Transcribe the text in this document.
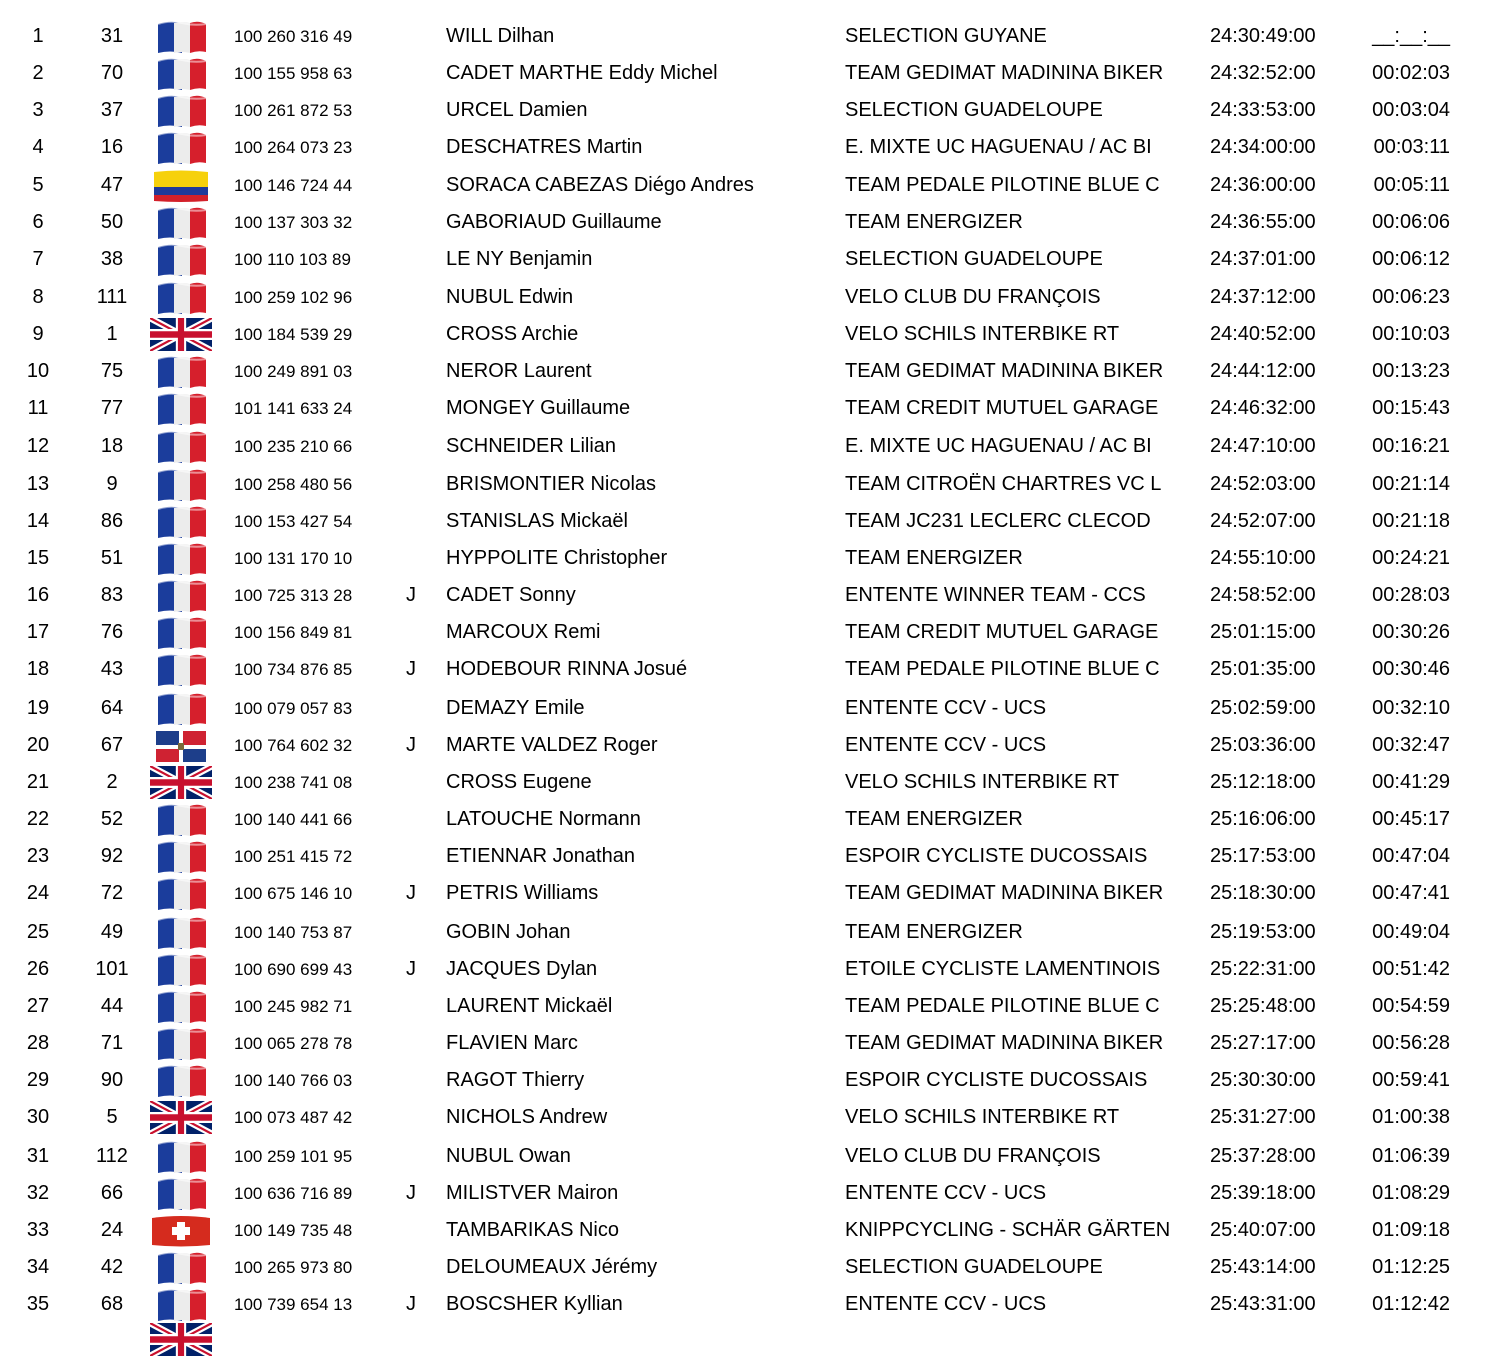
1	31	100 260 316 49	WILL Dilhan	SELECTION GUYANE	24:30:49:00	__:__:__
2	70	100 155 958 63	CADET MARTHE Eddy Michel	TEAM GEDIMAT MADININA BIKER 24:32:52:00	00:02:03
3	37	100 261 872 53	URCEL Damien	SELECTION GUADELOUPE	24:33:53:00	00:03:04
4	16	100 264 073 23	DESCHATRES Martin	E. MIXTE UC HAGUENAU / AC BI	24:34:00:00	00:03:11
5	47	100 146 724 44	SORACA CABEZAS Diégo Andres	TEAM PEDALE PILOTINE BLUE C	24:36:00:00	00:05:11
6	50	100 137 303 32	GABORIAUD Guillaume	TEAM ENERGIZER	24:36:55:00	00:06:06
7	38	100 110 103 89	LE NY Benjamin	SELECTION GUADELOUPE	24:37:01:00	00:06:12
8	111	100 259 102 96	NUBUL Edwin	VELO CLUB DU FRANÇOIS	24:37:12:00	00:06:23
9	1	100 184 539 29	CROSS Archie	VELO SCHILS INTERBIKE RT	24:40:52:00	00:10:03
10	75	100 249 891 03	NEROR Laurent	TEAM GEDIMAT MADININA BIKER 24:44:12:00	00:13:23
11	77	101 141 633 24	MONGEY Guillaume	TEAM CREDIT MUTUEL GARAGE	24:46:32:00	00:15:43
12	18	100 235 210 66	SCHNEIDER Lilian	E. MIXTE UC HAGUENAU / AC BI	24:47:10:00	00:16:21
13	9	100 258 480 56	BRISMONTIER Nicolas	TEAM CITROËN CHARTRES VC L 24:52:03:00	00:21:14
14	86	100 153 427 54	STANISLAS Mickaël	TEAM JC231 LECLERC CLECOD	24:52:07:00	00:21:18
15	51	100 131 170 10	HYPPOLITE Christopher	TEAM ENERGIZER	24:55:10:00	00:24:21
16	83	100 725 313 28	J CADET Sonny	ENTENTE WINNER TEAM - CCS	24:58:52:00	00:28:03
17	76	100 156 849 81	MARCOUX Remi	TEAM CREDIT MUTUEL GARAGE	25:01:15:00	00:30:26
18	43	100 734 876 85	J HODEBOUR RINNA Josué	TEAM PEDALE PILOTINE BLUE C	25:01:35:00	00:30:46
19	64	100 079 057 83	DEMAZY Emile	ENTENTE CCV - UCS	25:02:59:00	00:32:10
20	67	100 764 602 32	J MARTE VALDEZ Roger	ENTENTE CCV - UCS	25:03:36:00	00:32:47
21	2	100 238 741 08	CROSS Eugene	VELO SCHILS INTERBIKE RT	25:12:18:00	00:41:29
22	52	100 140 441 66	LATOUCHE Normann	TEAM ENERGIZER	25:16:06:00	00:45:17
23	92	100 251 415 72	ETIENNAR Jonathan	ESPOIR CYCLISTE DUCOSSAIS	25:17:53:00	00:47:04
24	72	100 675 146 10	J PETRIS Williams	TEAM GEDIMAT MADININA BIKER 25:18:30:00	00:47:41
25	49	100 140 753 87	GOBIN Johan	TEAM ENERGIZER	25:19:53:00	00:49:04
26	101	100 690 699 43	J JACQUES Dylan	ETOILE CYCLISTE LAMENTINOIS 25:22:31:00	00:51:42
27	44	100 245 982 71	LAURENT Mickaël	TEAM PEDALE PILOTINE BLUE C	25:25:48:00	00:54:59
28	71	100 065 278 78	FLAVIEN Marc	TEAM GEDIMAT MADININA BIKER 25:27:17:00	00:56:28
29	90	100 140 766 03	RAGOT Thierry	ESPOIR CYCLISTE DUCOSSAIS	25:30:30:00	00:59:41
30	5	100 073 487 42	NICHOLS Andrew	VELO SCHILS INTERBIKE RT	25:31:27:00	01:00:38
31	112	100 259 101 95	NUBUL Owan	VELO CLUB DU FRANÇOIS	25:37:28:00	01:06:39
32	66	100 636 716 89	J MILISTVER Mairon	ENTENTE CCV - UCS	25:39:18:00	01:08:29
33	24	100 149 735 48	TAMBARIKAS Nico	KNIPPCYCLING - SCHÄR GÄRTEN 25:40:07:00	01:09:18
34	42	100 265 973 80	DELOUMEAUX Jérémy	SELECTION GUADELOUPE	25:43:14:00	01:12:25
35	68	100 739 654 13	J BOSCSHER Kyllian	ENTENTE CCV - UCS	25:43:31:00	01:12:42
